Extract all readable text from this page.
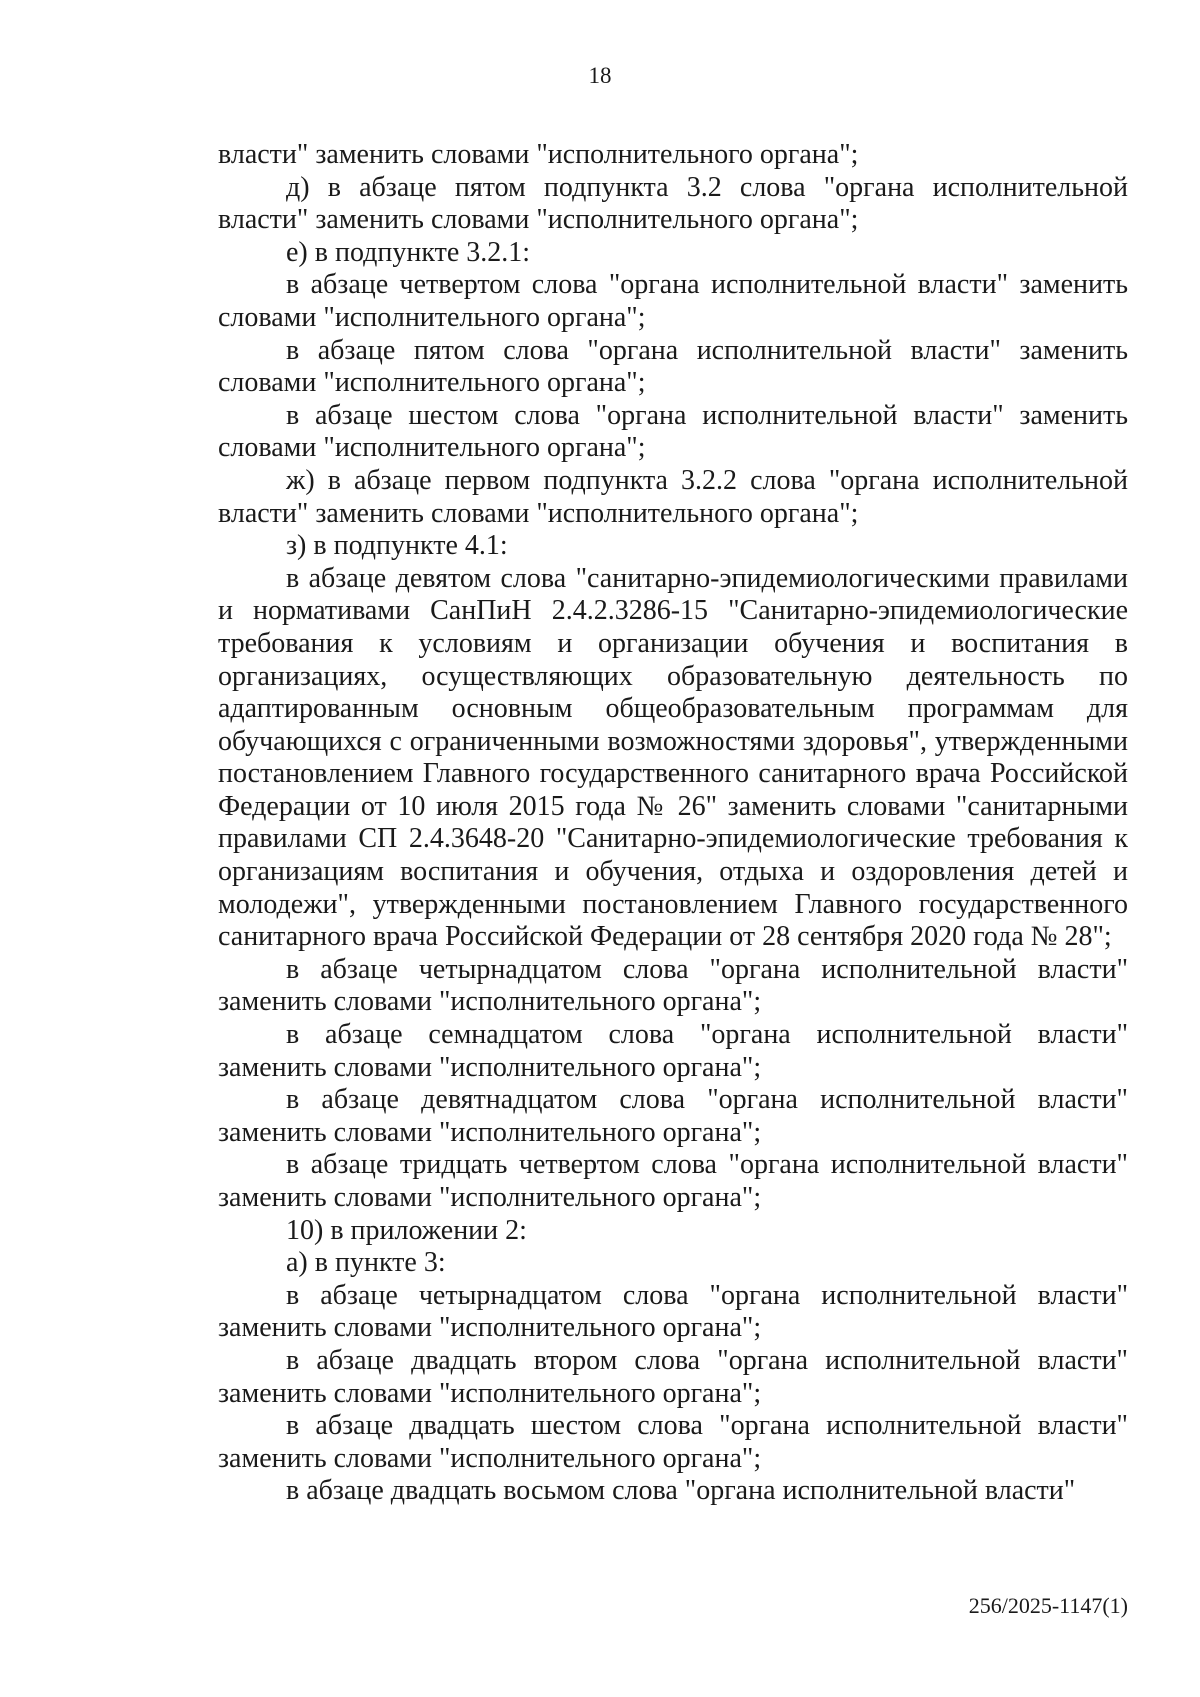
18

власти" заменить словами "исполнительного органа";

д) в абзаце пятом подпункта 3.2 слова "органа исполнительной власти" заменить словами "исполнительного органа";

е) в подпункте 3.2.1:

в абзаце четвертом слова "органа исполнительной власти" заменить словами "исполнительного органа";

в абзаце пятом слова "органа исполнительной власти" заменить словами "исполнительного органа";

в абзаце шестом слова "органа исполнительной власти" заменить словами "исполнительного органа";

ж) в абзаце первом подпункта 3.2.2 слова "органа исполнительной власти" заменить словами "исполнительного органа";

з) в подпункте 4.1:

в абзаце девятом слова "санитарно-эпидемиологическими правилами и нормативами СанПиН 2.4.2.3286-15 "Санитарно-эпидемиологические требования к условиям и организации обучения и воспитания в организациях, осуществляющих образовательную деятельность по адаптированным основным общеобразовательным программам для обучающихся с ограниченными возможностями здоровья", утвержденными постановлением Главного государственного санитарного врача Российской Федерации от 10 июля 2015 года № 26" заменить словами "санитарными правилами СП 2.4.3648-20 "Санитарно-эпидемиологические требования к организациям воспитания и обучения, отдыха и оздоровления детей и молодежи", утвержденными постановлением Главного государственного санитарного врача Российской Федерации от 28 сентября 2020 года № 28";

в абзаце четырнадцатом слова "органа исполнительной власти" заменить словами "исполнительного органа";

в абзаце семнадцатом слова "органа исполнительной власти" заменить словами "исполнительного органа";

в абзаце девятнадцатом слова "органа исполнительной власти" заменить словами "исполнительного органа";

в абзаце тридцать четвертом слова "органа исполнительной власти" заменить словами "исполнительного органа";

10) в приложении 2:

а) в пункте 3:

в абзаце четырнадцатом слова "органа исполнительной власти" заменить словами "исполнительного органа";

в абзаце двадцать втором слова "органа исполнительной власти" заменить словами "исполнительного органа";

в абзаце двадцать шестом слова "органа исполнительной власти" заменить словами "исполнительного органа";

в абзаце двадцать восьмом слова "органа исполнительной власти"

256/2025-1147(1)
